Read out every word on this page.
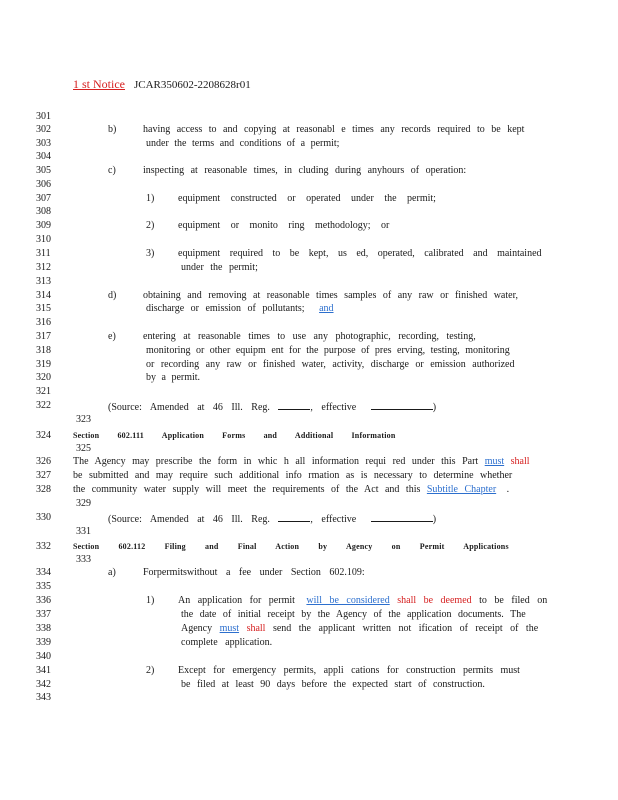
1 st Notice JCAR350602-2208628r01
301
302
303
304
305
306
307
308
309
310
311
312
313
314
315
316
317
318
319
320
321
322
324
326
327
328
330
332
334
335
336
337
338
339
340
341
342
343
323
325
329
331
333
b)	having access to and copying at reasonabl e times any records required to be kept
under the terms and conditions of a permit;
c)	inspecting at reasonable times, in cluding during anyhours of operation:
1) equipment constructed or operated under the permit;
2) equipment or monito ring methodology; or
3) equipment required to be kept, us ed, operated, calibrated and maintained
under the permit;
d)	obtaining and removing at reasonable times samples of any raw or finished water,
discharge or emission of pollutants; and
e)	entering at reasonable times to use any photographic, recording, testing,
monitoring or other equipm ent for the purpose of pres erving, testing, monitoring
or recording any raw or finished water, activity, discharge or emission authorized
by a permit.
(Source: Amended at 46 Ill. Reg.	, effective	)
Section 602.111 Application Forms and Additional Information
The Agency may prescribe the form in whic h all information requi red under this Part must shall
be submitted and may require such additional info rmation as is necessary to determine whether
the community water supply will meet the requirements of the Act and this Subtitle Chapter .
(Source: Amended at 46 Ill. Reg.	, effective	)
Section 602.112 Filing and Final Action by Agency on Permit Applications
a)	Forpermitswithout a fee under Section 602.109:
1) An application for permit will be considered shall be deemed to be filed on
the date of initial receipt by the Agency of the application documents. The
Agency must shall send the applicant written not ification of receipt of the
complete application.
2) Except for emergency permits, appli cations for construction permits must
be filed at least 90 days before the expected start of construction.
